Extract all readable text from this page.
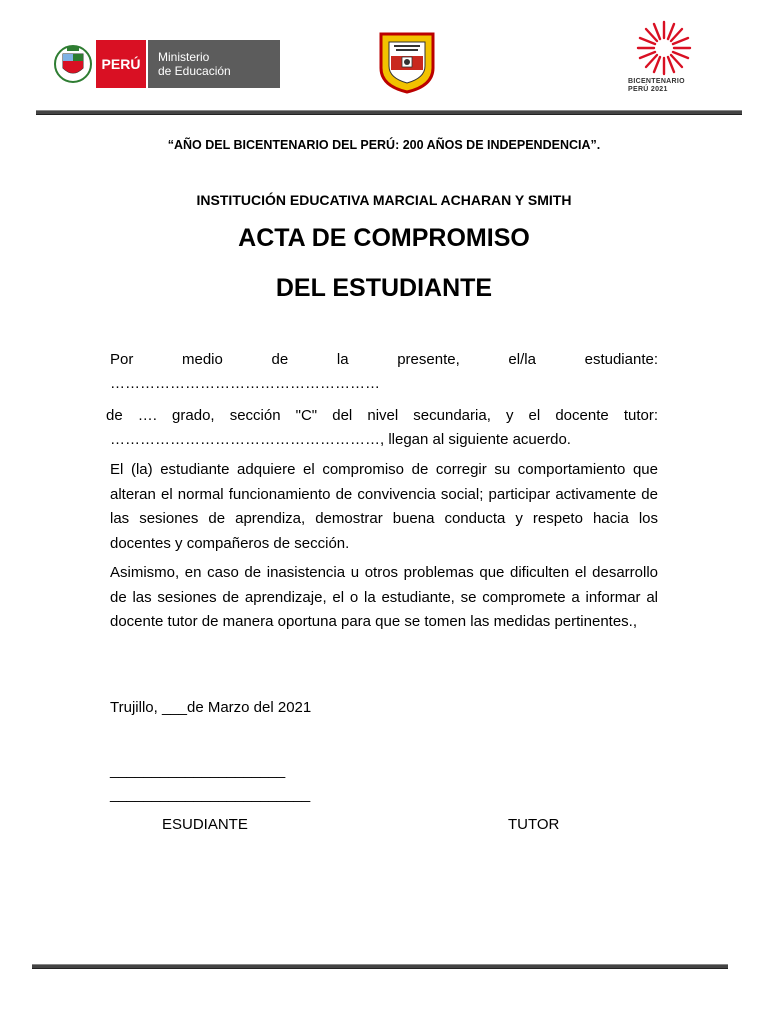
PERÚ	Ministerio
de Educación
BICENTENARIO
PERÚ 2021
“AÑO DEL BICENTENARIO DEL PERÚ: 200 AÑOS DE INDEPENDENCIA”.
INSTITUCIÓN EDUCATIVA MARCIAL ACHARAN Y SMITH
ACTA DE COMPROMISO
DEL ESTUDIANTE
Por medio de la presente, el/la estudiante:
………………………………………………
de …. grado, sección "C" del nivel secundaria, y el docente tutor:
………………………………………………, llegan al siguiente acuerdo.
El (la) estudiante adquiere el compromiso de corregir su comportamiento que alteran el normal funcionamiento de convivencia social; participar activamente de las sesiones de aprendiza, demostrar buena conducta y respeto hacia los docentes y compañeros de sección.
Asimismo, en caso de inasistencia u otros problemas que dificulten el desarrollo de las sesiones de aprendizaje, el o la estudiante, se compromete a informar al docente tutor de manera oportuna para que se tomen las medidas pertinentes.,
Trujillo, ___de Marzo del 2021
_____________________
________________________
ESUDIANTE	TUTOR
